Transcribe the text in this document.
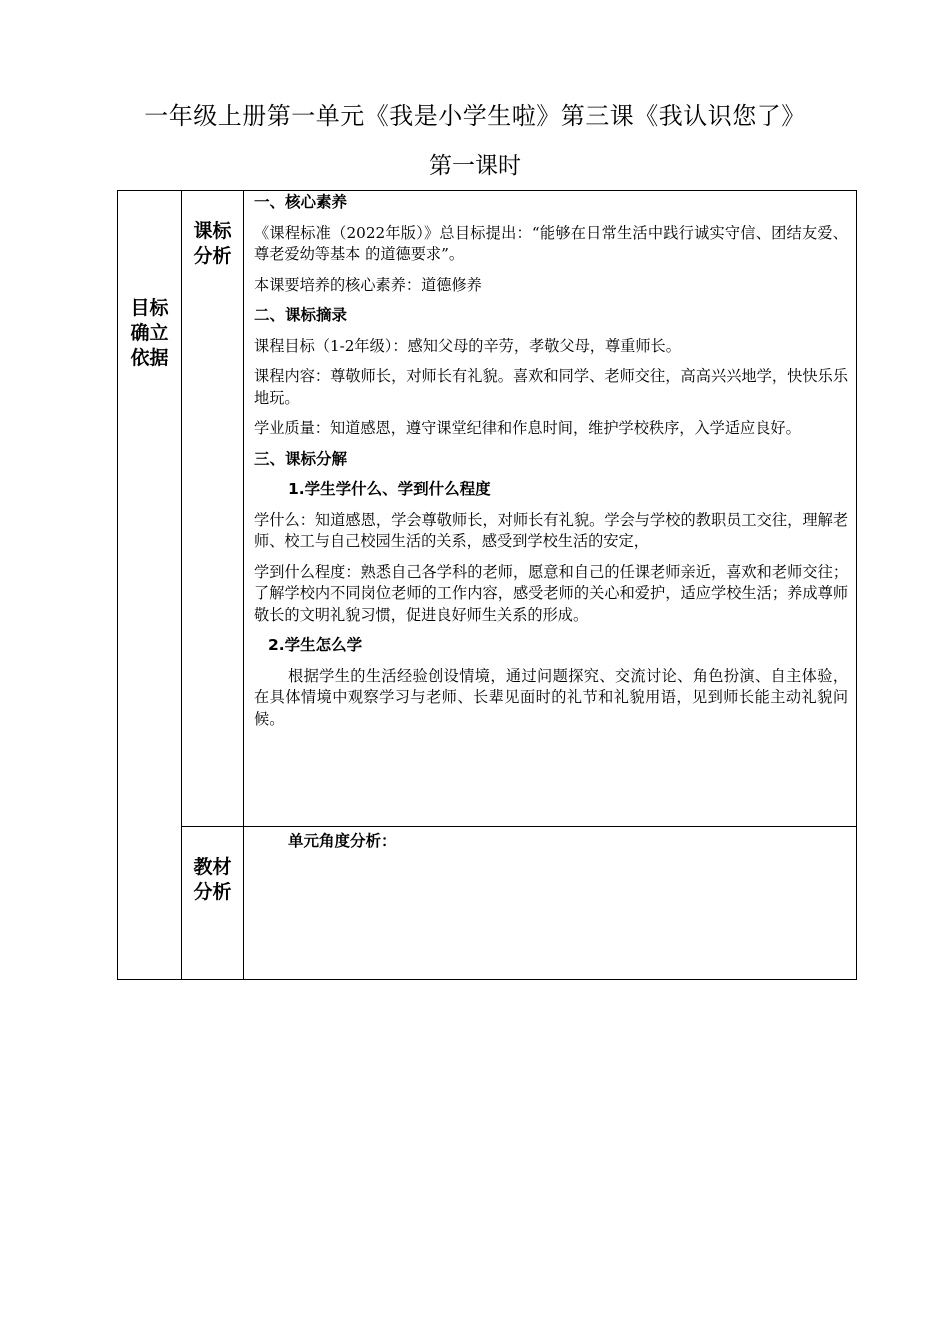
一年级上册第一单元《我是小学生啦》第三课《我认识您了》
第一课时
目标
确立
依据
课标
分析
教材
分析

一、核心素养

《课程标准（2022年版）》总目标提出：“能够在日常生活中践行诚实守信、团结友爱、尊老爱幼等基本 的道德要求”。

本课要培养的核心素养：道德修养

二、课标摘录

课程目标（1-2年级）：感知父母的辛劳，孝敬父母，尊重师长。

课程内容：尊敬师长，对师长有礼貌。喜欢和同学、老师交往，高高兴兴地学，快快乐乐地玩。

学业质量：知道感恩，遵守课堂纪律和作息时间，维护学校秩序，入学适应良好。

三、课标分解

1.学生学什么、学到什么程度

学什么：知道感恩，学会尊敬师长，对师长有礼貌。学会与学校的教职员工交往，理解老师、校工与自己校园生活的关系，感受到学校生活的安定，

学到什么程度：熟悉自己各学科的老师，愿意和自己的任课老师亲近，喜欢和老师交往；了解学校内不同岗位老师的工作内容，感受老师的关心和爱护，适应学校生活；养成尊师敬长的文明礼貌习惯，促进良好师生关系的形成。

2.学生怎么学

根据学生的生活经验创设情境，通过问题探究、交流讨论、角色扮演、自主体验，在具体情境中观察学习与老师、长辈见面时的礼节和礼貌用语，见到师长能主动礼貌问候。

单元角度分析：
